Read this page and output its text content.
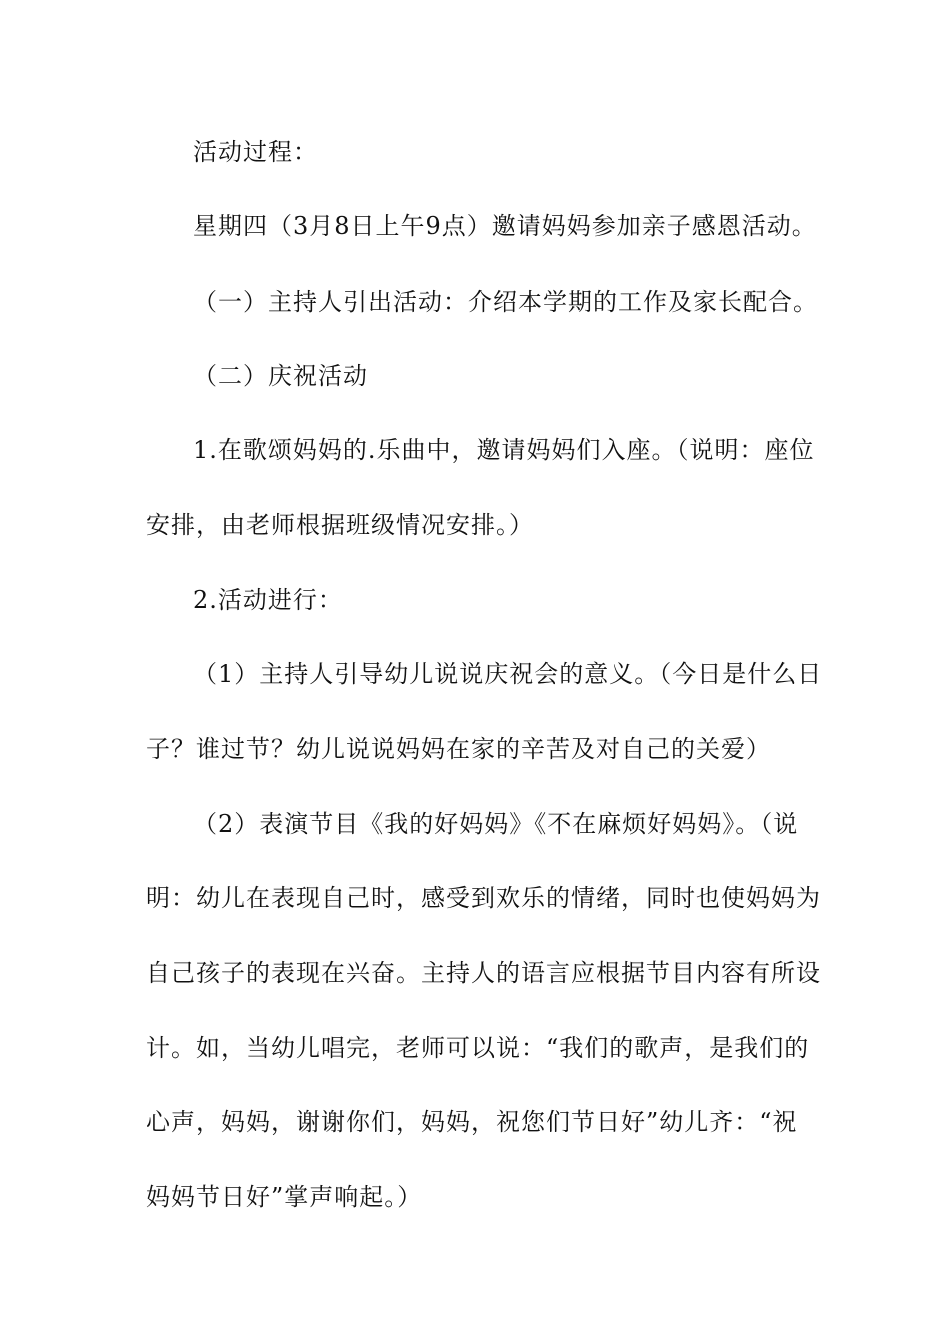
活动过程：
星期四（3月8日上午9点）邀请妈妈参加亲子感恩活动。
（一）主持人引出活动：介绍本学期的工作及家长配合。
（二）庆祝活动
1.在歌颂妈妈的.乐曲中，邀请妈妈们入座。（说明：座位
安排，由老师根据班级情况安排。）
2.活动进行：
（1）主持人引导幼儿说说庆祝会的意义。（今日是什么日
子？谁过节？幼儿说说妈妈在家的辛苦及对自己的关爱）
（2）表演节目《我的好妈妈》《不在麻烦好妈妈》。（说
明：幼儿在表现自己时，感受到欢乐的情绪，同时也使妈妈为
自己孩子的表现在兴奋。主持人的语言应根据节目内容有所设
计。如，当幼儿唱完，老师可以说：“我们的歌声，是我们的
心声，妈妈，谢谢你们，妈妈，祝您们节日好”幼儿齐：“祝
妈妈节日好”掌声响起。）
